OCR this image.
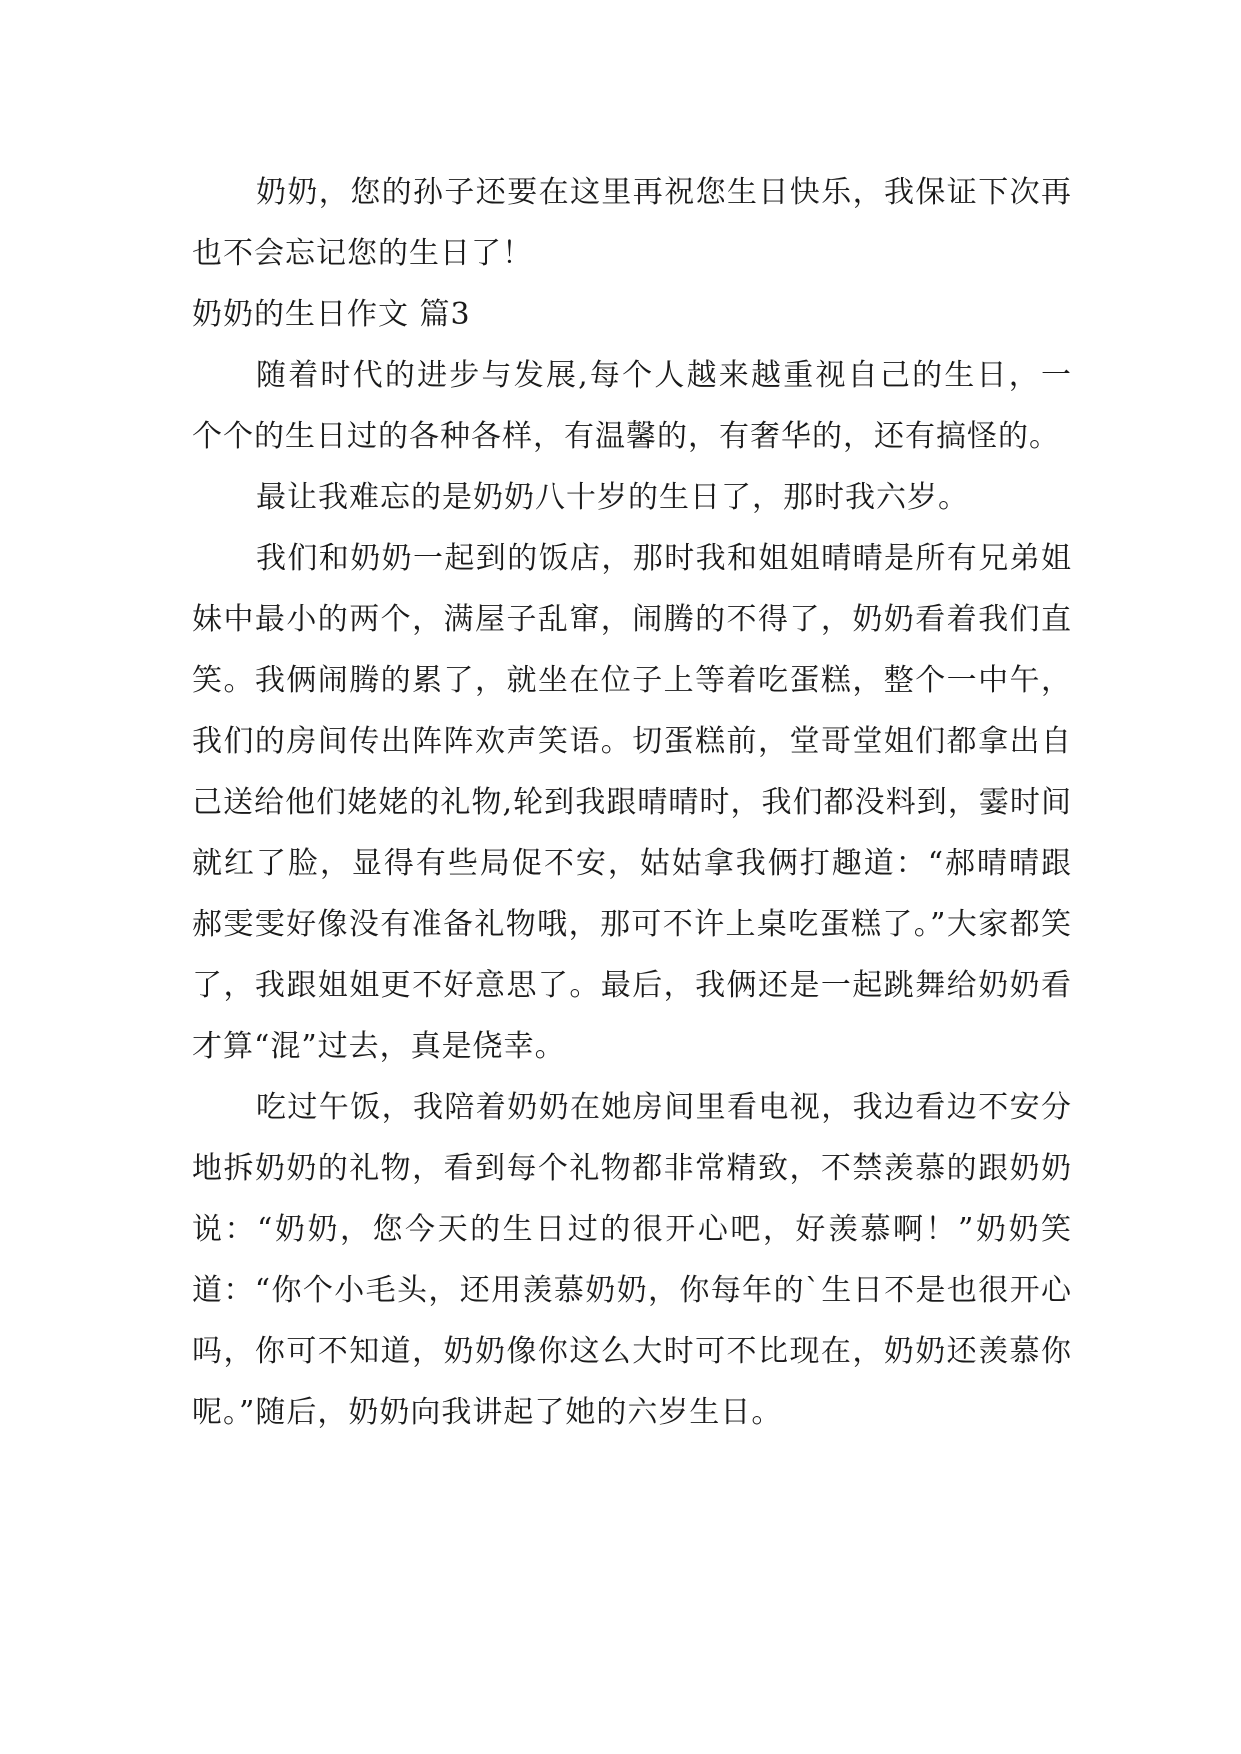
奶奶，您的孙子还要在这里再祝您生日快乐，我保证下次再也不会忘记您的生日了！

奶奶的生日作文 篇3

随着时代的进步与发展,每个人越来越重视自己的生日，一个个的生日过的各种各样，有温馨的，有奢华的，还有搞怪的。

最让我难忘的是奶奶八十岁的生日了，那时我六岁。

我们和奶奶一起到的饭店，那时我和姐姐晴晴是所有兄弟姐妹中最小的两个，满屋子乱窜，闹腾的不得了，奶奶看着我们直笑。我俩闹腾的累了，就坐在位子上等着吃蛋糕，整个一中午，我们的房间传出阵阵欢声笑语。切蛋糕前，堂哥堂姐们都拿出自己送给他们姥姥的礼物,轮到我跟晴晴时，我们都没料到，霎时间就红了脸，显得有些局促不安，姑姑拿我俩打趣道：“郝晴晴跟郝雯雯好像没有准备礼物哦，那可不许上桌吃蛋糕了。”大家都笑了，我跟姐姐更不好意思了。最后，我俩还是一起跳舞给奶奶看才算“混”过去，真是侥幸。

吃过午饭，我陪着奶奶在她房间里看电视，我边看边不安分地拆奶奶的礼物，看到每个礼物都非常精致，不禁羡慕的跟奶奶说：“奶奶，您今天的生日过的很开心吧，好羡慕啊！”奶奶笑道：“你个小毛头，还用羡慕奶奶，你每年的`生日不是也很开心吗，你可不知道，奶奶像你这么大时可不比现在，奶奶还羡慕你呢。”随后，奶奶向我讲起了她的六岁生日。
